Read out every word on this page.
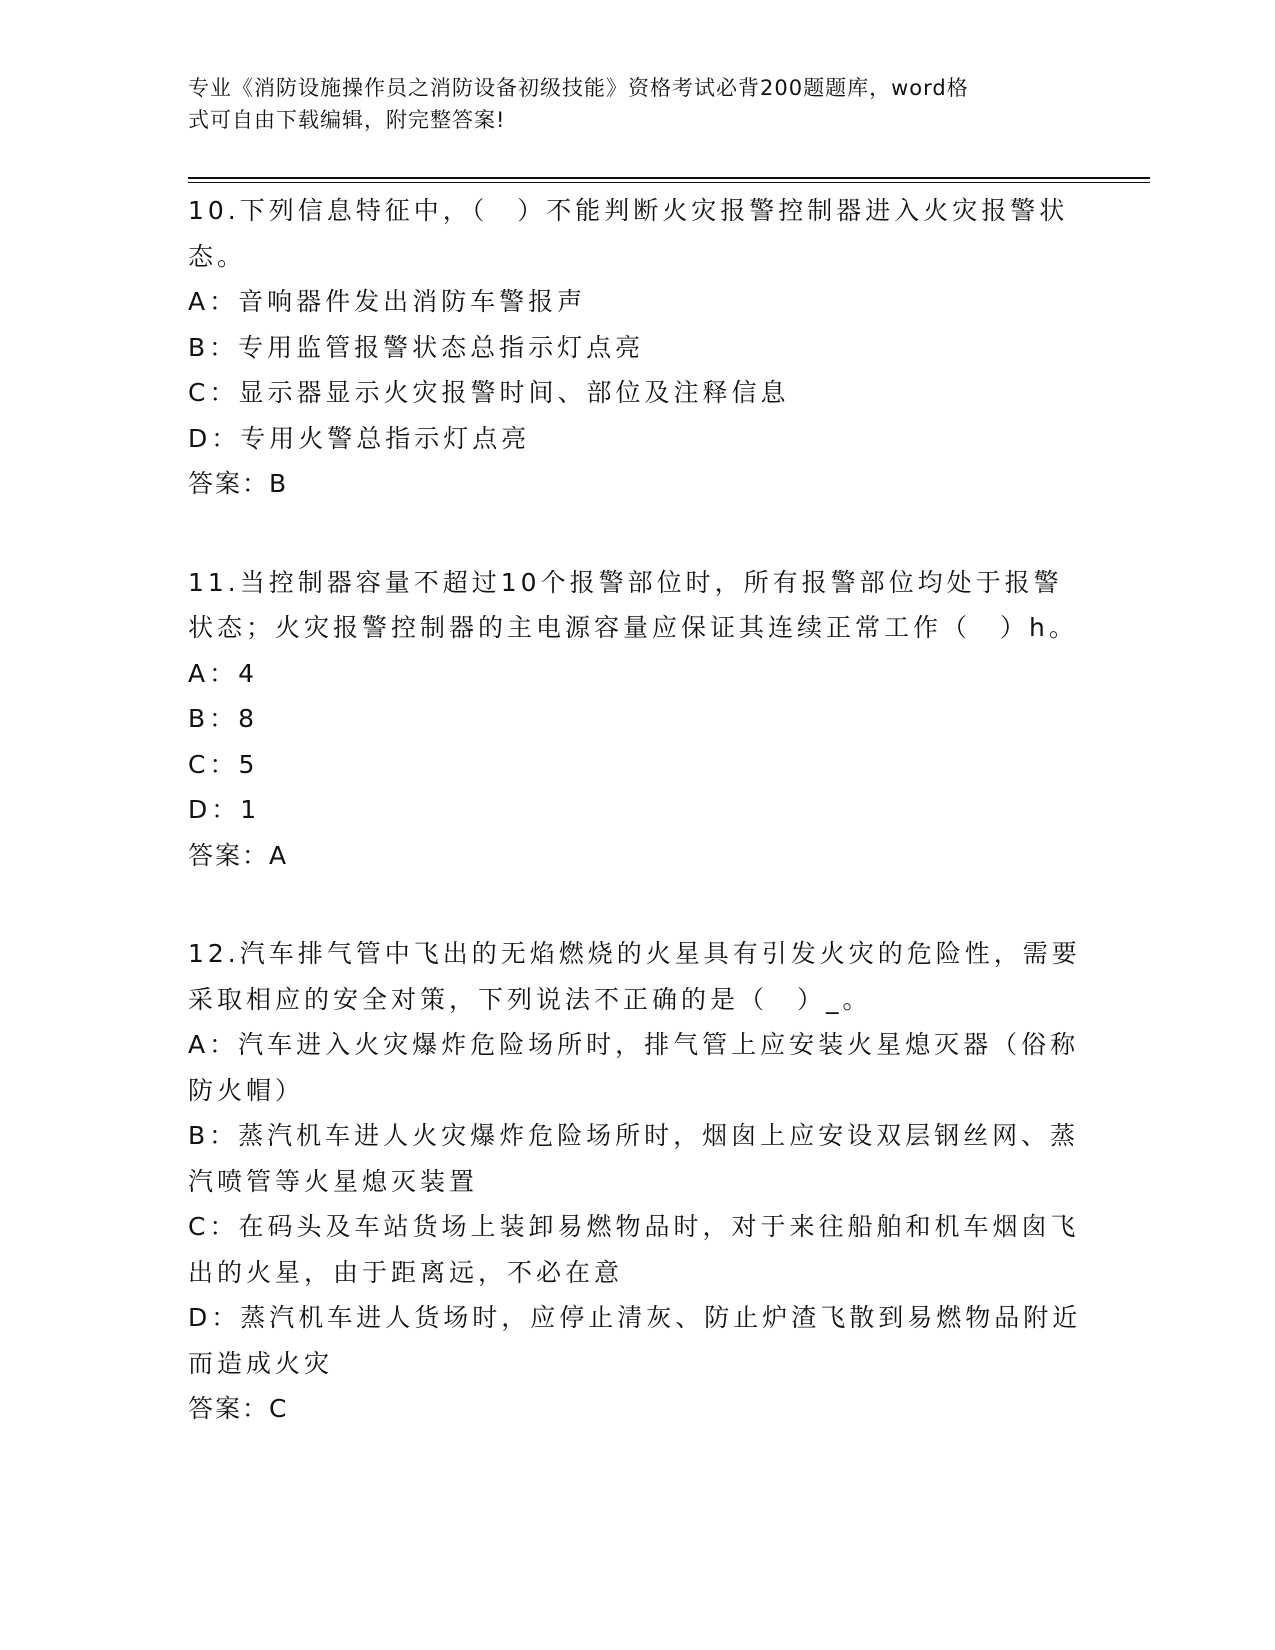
专业《消防设施操作员之消防设备初级技能》资格考试必背200题题库，word格
式可自由下载编辑，附完整答案!
10.下列信息特征中，（　）不能判断火灾报警控制器进入火灾报警状
态。
A：音响器件发出消防车警报声
B：专用监管报警状态总指示灯点亮
C：显示器显示火灾报警时间、部位及注释信息
D：专用火警总指示灯点亮
答案：B
11.当控制器容量不超过10个报警部位时，所有报警部位均处于报警
状态；火灾报警控制器的主电源容量应保证其连续正常工作（　）h。
A：4
B：8
C：5
D：1
答案：A
12.汽车排气管中飞出的无焰燃烧的火星具有引发火灾的危险性，需要
采取相应的安全对策，下列说法不正确的是（　）_。
A：汽车进入火灾爆炸危险场所时，排气管上应安装火星熄灭器（俗称
防火帽）
B：蒸汽机车进人火灾爆炸危险场所时，烟囱上应安设双层钢丝网、蒸
汽喷管等火星熄灭装置
C：在码头及车站货场上装卸易燃物品时，对于来往船舶和机车烟囱飞
出的火星，由于距离远，不必在意
D：蒸汽机车进人货场时，应停止清灰、防止炉渣飞散到易燃物品附近
而造成火灾
答案：C
